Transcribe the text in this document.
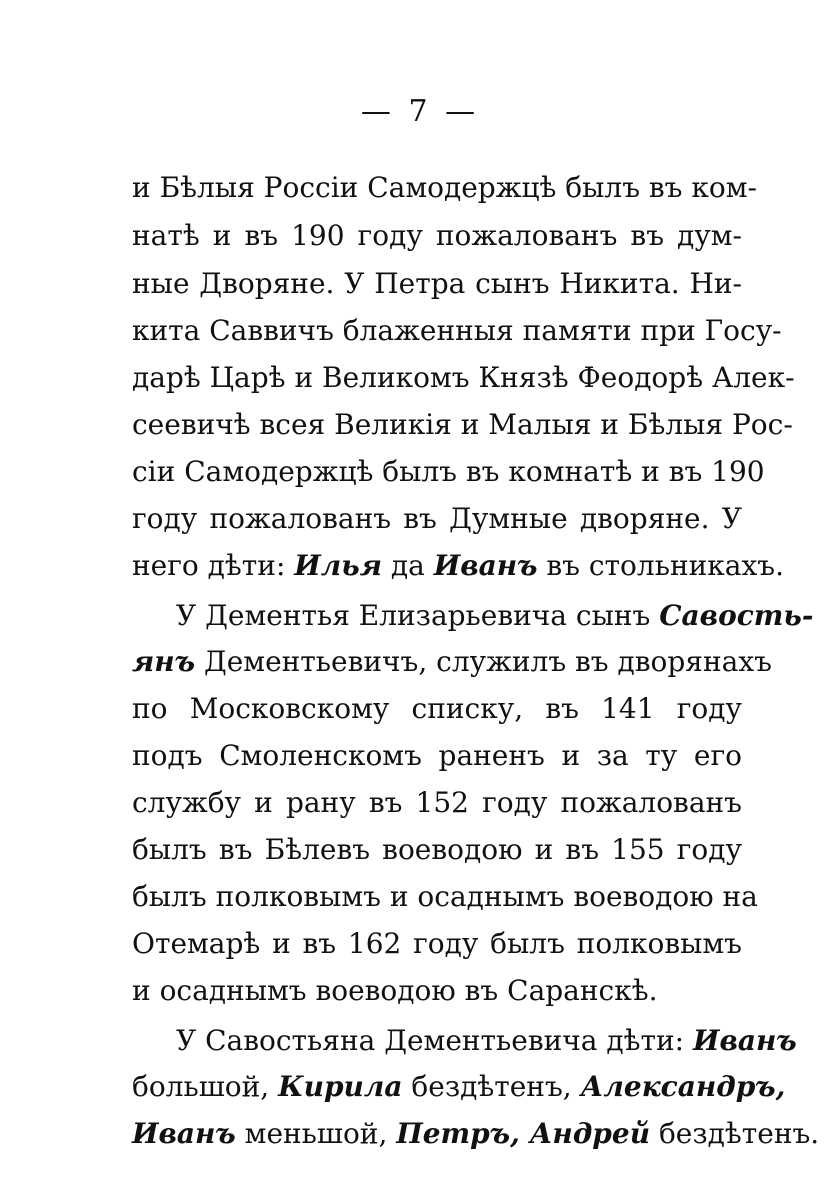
— 7 —
и Бѣлыя Россіи Самодержцѣ былъ въ ком-
натѣ и въ 190 году пожалованъ въ дум-
ные Дворяне. У Петра сынъ Никита. Ни-
кита Саввичъ блаженныя памяти при Госу-
дарѣ Царѣ и Великомъ Князѣ Феодорѣ Алек-
сеевичѣ всея Великія и Малыя и Бѣлыя Рос-
сіи Самодержцѣ былъ въ комнатѣ и въ 190
году пожалованъ въ Думные дворяне. У
него дѣти: Илья да Иванъ въ стольникахъ.
У Дементья Елизарьевича сынъ Савость-
янъ Дементьевичъ, служилъ въ дворянахъ
по Московскому списку, въ 141 году
подъ Смоленскомъ раненъ и за ту его
службу и рану въ 152 году пожалованъ
былъ въ Бѣлевъ воеводою и въ 155 году
былъ полковымъ и осаднымъ воеводою на
Отемарѣ и въ 162 году былъ полковымъ
и осаднымъ воеводою въ Саранскѣ.
У Савостьяна Дементьевича дѣти: Иванъ
большой, Кирила бездѣтенъ, Александръ,
Иванъ меньшой, Петръ, Андрей бездѣтенъ.
